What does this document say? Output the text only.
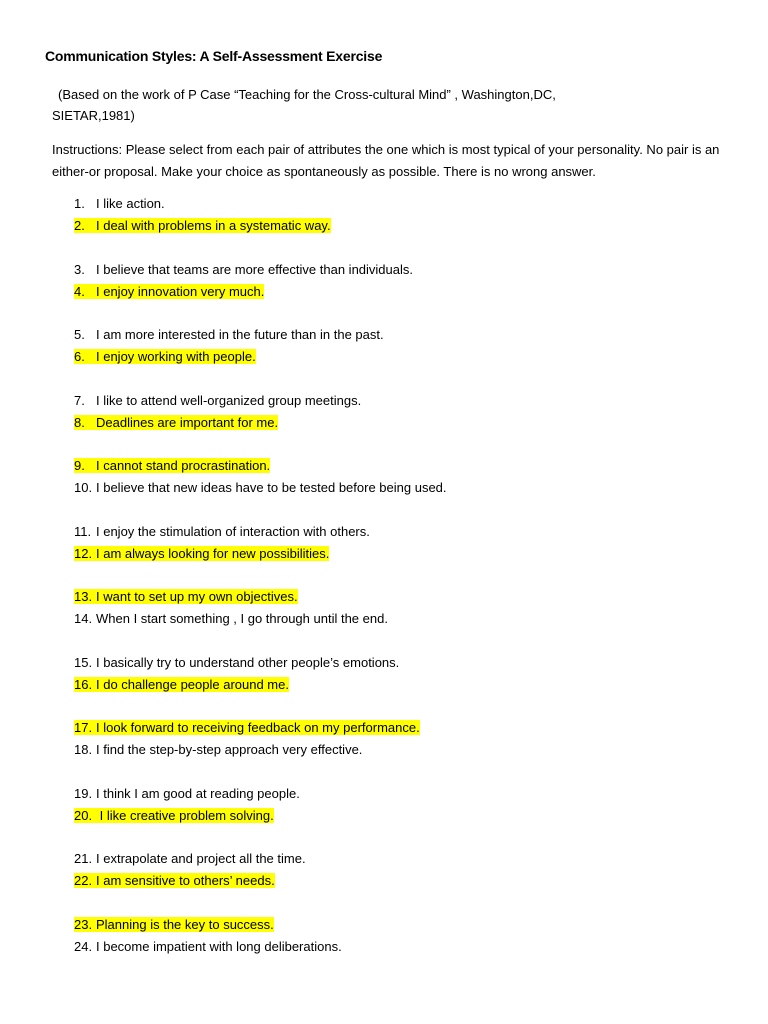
Communication Styles: A Self-Assessment Exercise
(Based on the work of P Case “Teaching for the Cross-cultural Mind” , Washington,DC,
SIETAR,1981)
Instructions: Please select from each pair of attributes the one which is most typical of your personality. No pair is an either-or proposal. Make your choice as spontaneously as possible. There is no wrong answer.
1. I like action.
2. I deal with problems in a systematic way.
3. I believe that teams are more effective than individuals.
4. I enjoy innovation very much.
5. I am more interested in the future than in the past.
6. I enjoy working with people.
7. I like to attend well-organized group meetings.
8. Deadlines are important for me.
9. I cannot stand procrastination.
10. I believe that new ideas have to be tested before being used.
11. I enjoy the stimulation of interaction with others.
12. I am always looking for new possibilities.
13. I want to set up my own objectives.
14. When I start something , I go through until the end.
15. I basically try to understand other people’s emotions.
16. I do challenge people around me.
17. I look forward to receiving feedback on my performance.
18. I find the step-by-step approach very effective.
19. I think I am good at reading people.
20. I like creative problem solving.
21. I extrapolate and project all the time.
22. I am sensitive to others’ needs.
23. Planning is the key to success.
24. I become impatient with long deliberations.
